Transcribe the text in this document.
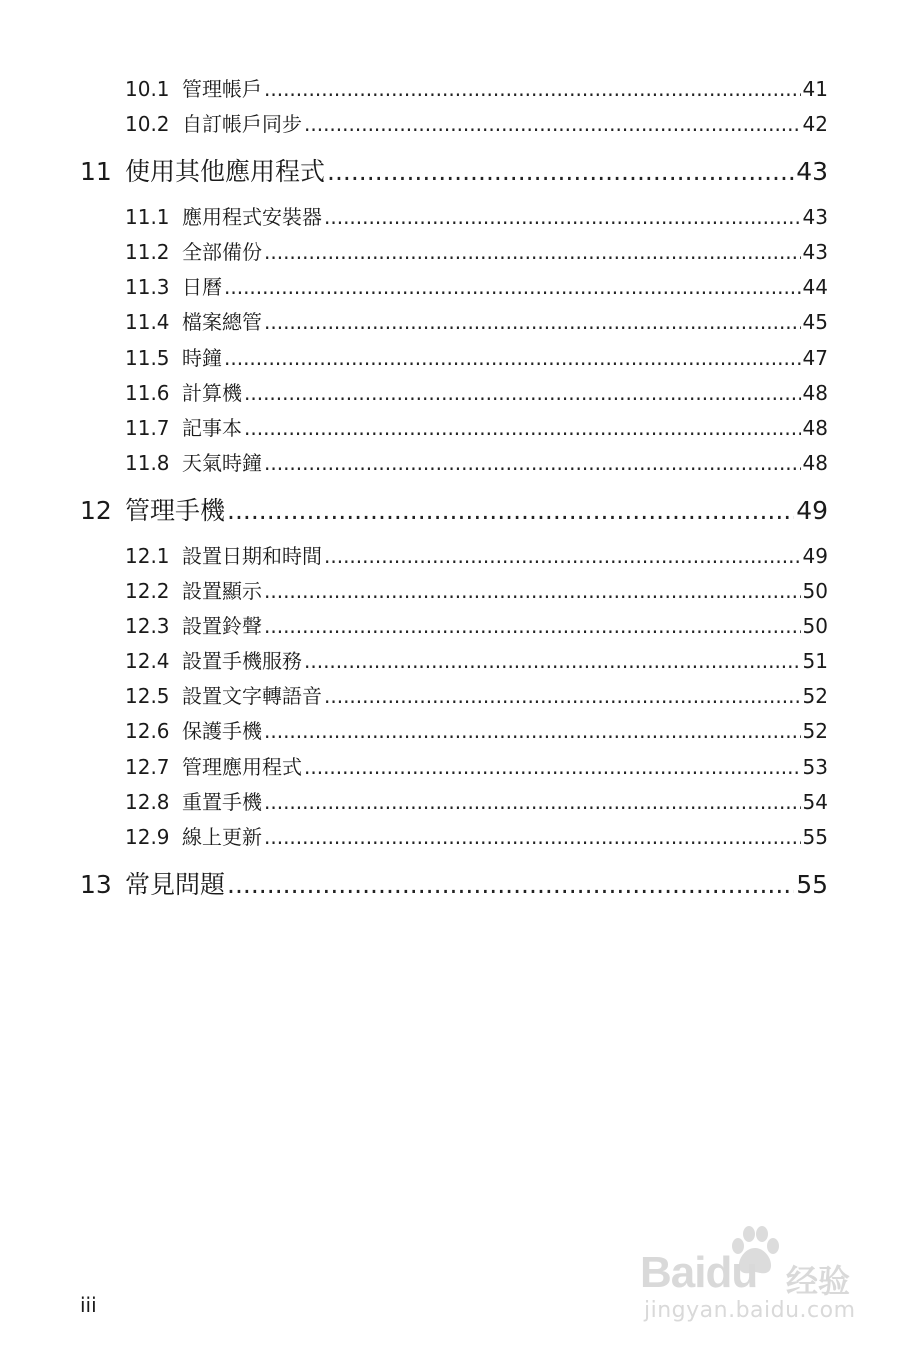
10.1 管理帳戶 .....	41
10.2 自訂帳戶同步 .....	42
11 使用其他應用程式 .....	43
11.1 應用程式安裝器 .....	43
11.2 全部備份 .....	43
11.3 日曆 .....	44
11.4 檔案總管 .....	45
11.5 時鐘 .....	47
11.6 計算機 .....	48
11.7 記事本 .....	48
11.8 天氣時鐘 .....	48
12 管理手機 .....	49
12.1 設置日期和時間 .....	49
12.2 設置顯示 .....	50
12.3 設置鈴聲 .....	50
12.4 設置手機服務 .....	51
12.5 設置文字轉語音 .....	52
12.6 保護手機 .....	52
12.7 管理應用程式 .....	53
12.8 重置手機 .....	54
12.9 線上更新 .....	55
13 常見問題 .....	55
iii
Baidu 经验
jingyan.baidu.com
